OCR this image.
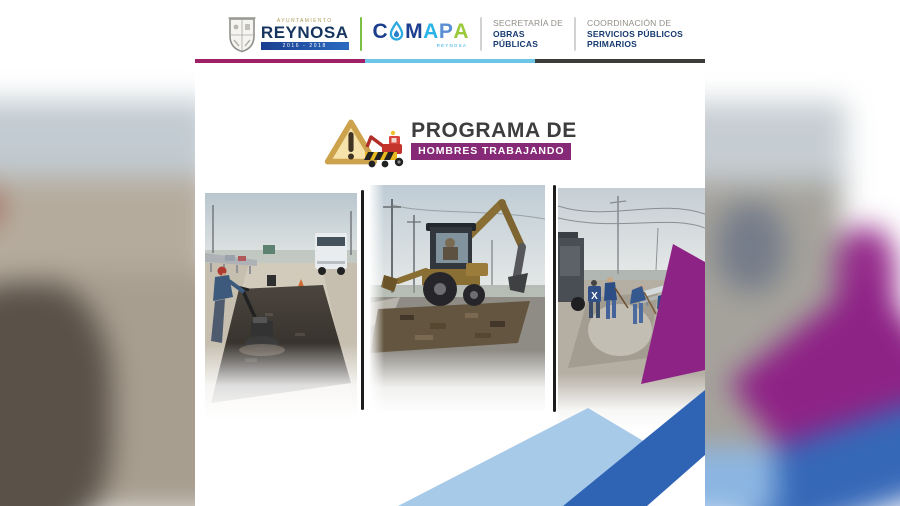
AYUNTAMIENTO
REYNOSA
2016 - 2018
C M A P A
REYNOSA
SECRETARÍA DE
OBRAS
PÚBLICAS
COORDINACIÓN DE
SERVICIOS PÚBLICOS
PRIMARIOS
PROGRAMA DE
HOMBRES TRABAJANDO
X
